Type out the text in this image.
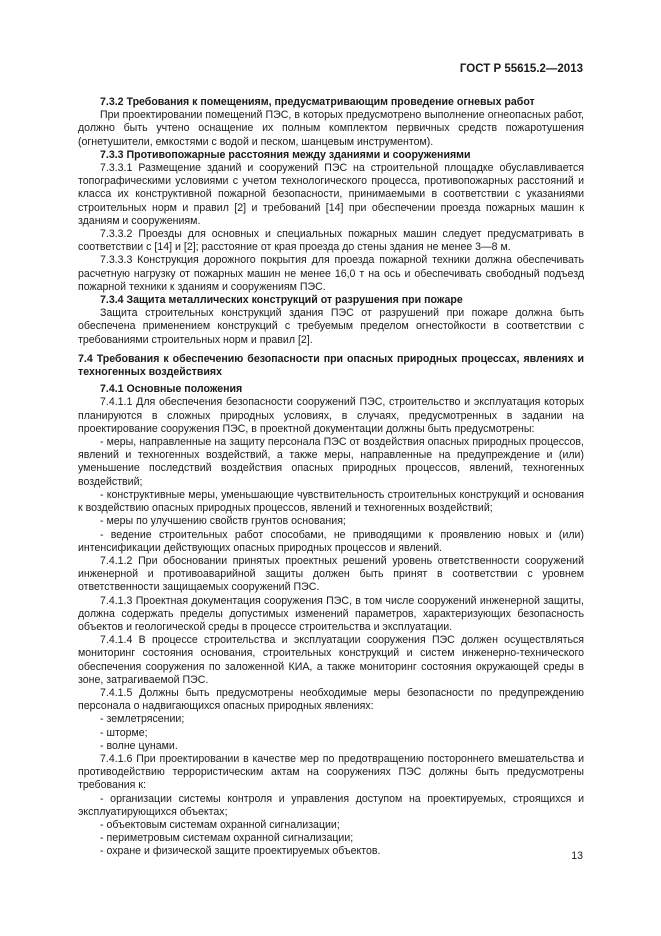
ГОСТ Р 55615.2—2013

7.3.2 Требования к помещениям, предусматривающим проведение огневых работ

При проектировании помещений ПЭС, в которых предусмотрено выполнение огнеопасных работ, должно быть учтено оснащение их полным комплектом первичных средств пожаротушения (огнетушители, емкостями с водой и песком, шанцевым инструментом).

7.3.3 Противопожарные расстояния между зданиями и сооружениями

7.3.3.1 Размещение зданий и сооружений ПЭС на строительной площадке обуславливается топографическими условиями с учетом технологического процесса, противопожарных расстояний и класса их конструктивной пожарной безопасности, принимаемыми в соответствии с указаниями строительных норм и правил [2] и требований [14] при обеспечении проезда пожарных машин к зданиям и сооружениям.

7.3.3.2 Проезды для основных и специальных пожарных машин следует предусматривать в соответствии с [14] и [2]; расстояние от края проезда до стены здания не менее 3—8 м.

7.3.3.3 Конструкция дорожного покрытия для проезда пожарной техники должна обеспечивать расчетную нагрузку от пожарных машин не менее 16,0 т на ось и обеспечивать свободный подъезд пожарной техники к зданиям и сооружениям ПЭС.

7.3.4 Защита металлических конструкций от разрушения при пожаре

Защита строительных конструкций здания ПЭС от разрушений при пожаре должна быть обеспечена применением конструкций с требуемым пределом огнестойкости в соответствии с требованиями строительных норм и правил [2].

7.4 Требования к обеспечению безопасности при опасных природных процессах, явлениях и техногенных воздействиях

7.4.1 Основные положения

7.4.1.1 Для обеспечения безопасности сооружений ПЭС, строительство и эксплуатация которых планируются в сложных природных условиях, в случаях, предусмотренных в задании на проектирование сооружения ПЭС, в проектной документации должны быть предусмотрены:

- меры, направленные на защиту персонала ПЭС от воздействия опасных природных процессов, явлений и техногенных воздействий, а также меры, направленные на предупреждение и (или) уменьшение последствий воздействия опасных природных процессов, явлений, техногенных воздействий;

- конструктивные меры, уменьшающие чувствительность строительных конструкций и основания к воздействию опасных природных процессов, явлений и техногенных воздействий;

- меры по улучшению свойств грунтов основания;

- ведение строительных работ способами, не приводящими к проявлению новых и (или) интенсификации действующих опасных природных процессов и явлений.

7.4.1.2 При обосновании принятых проектных решений уровень ответственности сооружений инженерной и противоаварийной защиты должен быть принят в соответствии с уровнем ответственности защищаемых сооружений ПЭС.

7.4.1.3 Проектная документация сооружения ПЭС, в том числе сооружений инженерной защиты, должна содержать пределы допустимых изменений параметров, характеризующих безопасность объектов и геологической среды в процессе строительства и эксплуатации.

7.4.1.4 В процессе строительства и эксплуатации сооружения ПЭС должен осуществляться мониторинг состояния основания, строительных конструкций и систем инженерно-технического обеспечения сооружения по заложенной КИА, а также мониторинг состояния окружающей среды в зоне, затрагиваемой ПЭС.

7.4.1.5 Должны быть предусмотрены необходимые меры безопасности по предупреждению персонала о надвигающихся опасных природных явлениях:

- землетрясении;

- шторме;

- волне цунами.

7.4.1.6 При проектировании в качестве мер по предотвращению постороннего вмешательства и противодействию террористическим актам на сооружениях ПЭС должны быть предусмотрены требования к:

- организации системы контроля и управления доступом на проектируемых, строящихся и эксплуатирующихся объектах;

- объектовым системам охранной сигнализации;

- периметровым системам охранной сигнализации;

- охране и физической защите проектируемых объектов.	13
